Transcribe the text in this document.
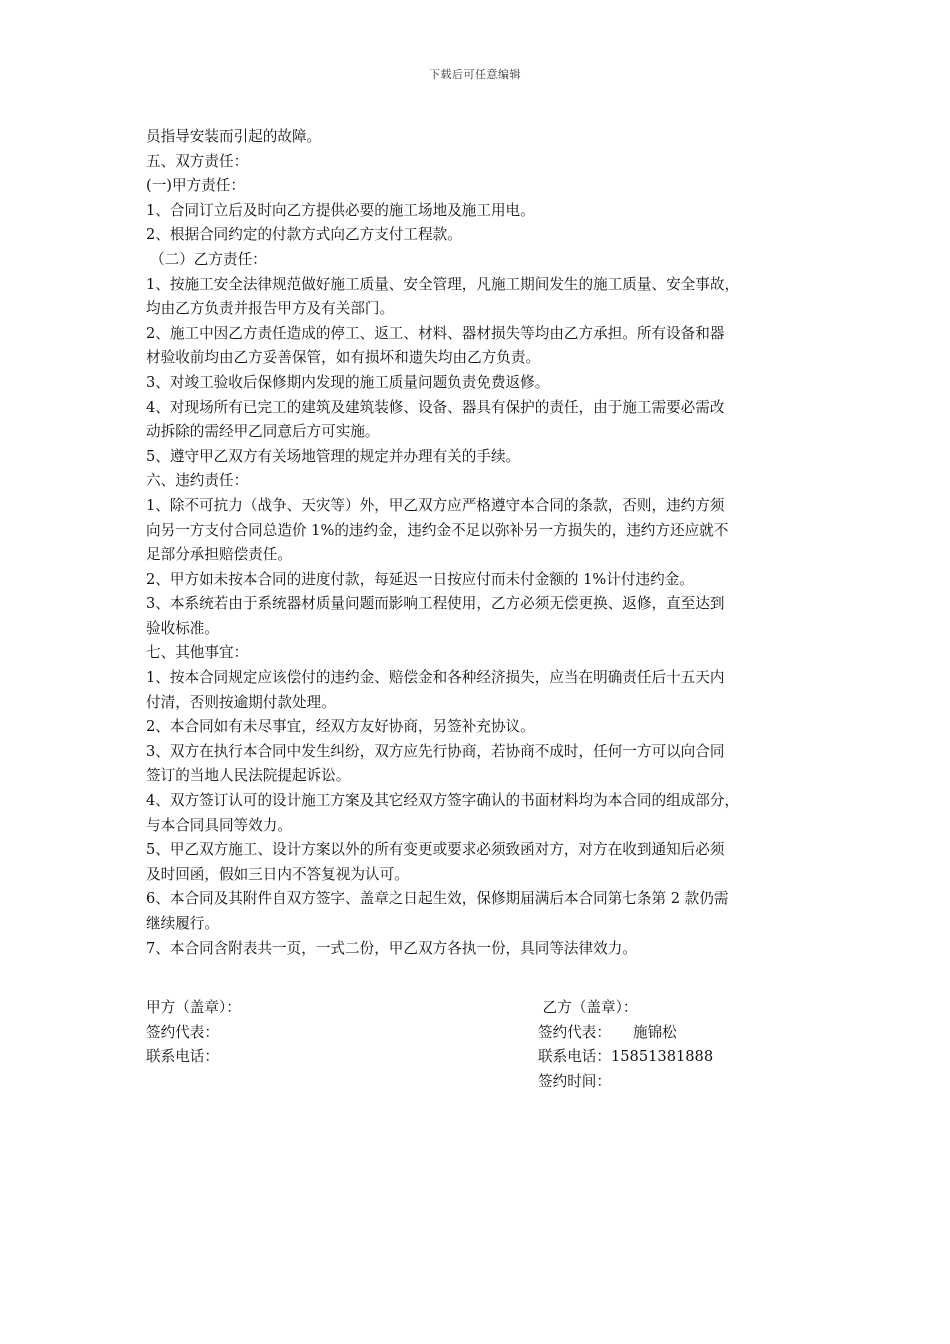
下载后可任意编辑
员指导安装而引起的故障。
五、双方责任：
(一)甲方责任：
1、合同订立后及时向乙方提供必要的施工场地及施工用电。
2、根据合同约定的付款方式向乙方支付工程款。
（二）乙方责任：
1、按施工安全法律规范做好施工质量、安全管理，凡施工期间发生的施工质量、安全事故，
均由乙方负责并报告甲方及有关部门。
2、施工中因乙方责任造成的停工、返工、材料、器材损失等均由乙方承担。所有设备和器
材验收前均由乙方妥善保管，如有损坏和遗失均由乙方负责。
3、对竣工验收后保修期内发现的施工质量问题负责免费返修。
4、对现场所有已完工的建筑及建筑装修、设备、器具有保护的责任，由于施工需要必需改
动拆除的需经甲乙同意后方可实施。
5、遵守甲乙双方有关场地管理的规定并办理有关的手续。
六、违约责任：
1、除不可抗力（战争、天灾等）外，甲乙双方应严格遵守本合同的条款，否则，违约方须
向另一方支付合同总造价 1%的违约金，违约金不足以弥补另一方损失的，违约方还应就不
足部分承担赔偿责任。
2、甲方如未按本合同的进度付款，每延迟一日按应付而未付金额的 1%计付违约金。
3、本系统若由于系统器材质量问题而影响工程使用，乙方必须无偿更换、返修，直至达到
验收标准。
七、其他事宜：
1、按本合同规定应该偿付的违约金、赔偿金和各种经济损失，应当在明确责任后十五天内
付清，否则按逾期付款处理。
2、本合同如有未尽事宜，经双方友好协商，另签补充协议。
3、双方在执行本合同中发生纠纷，双方应先行协商，若协商不成时，任何一方可以向合同
签订的当地人民法院提起诉讼。
4、双方签订认可的设计施工方案及其它经双方签字确认的书面材料均为本合同的组成部分，
与本合同具同等效力。
5、甲乙双方施工、设计方案以外的所有变更或要求必须致函对方，对方在收到通知后必须
及时回函，假如三日内不答复视为认可。
6、本合同及其附件自双方签字、盖章之日起生效，保修期届满后本合同第七条第 2 款仍需
继续履行。
7、本合同含附表共一页，一式二份，甲乙双方各执一份，具同等法律效力。
甲方（盖章）：
签约代表：
联系电话：
乙方（盖章）：
签约代表： 施锦松
联系电话：15851381888
签约时间：
